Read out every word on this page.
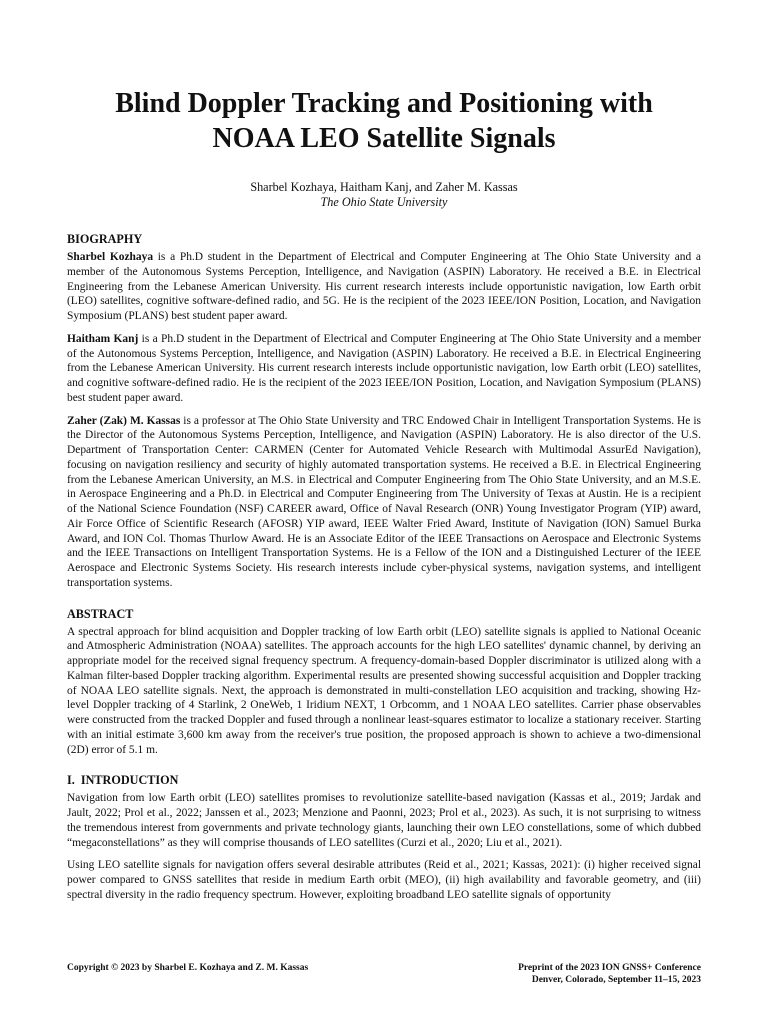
Blind Doppler Tracking and Positioning with
NOAA LEO Satellite Signals
Sharbel Kozhaya, Haitham Kanj, and Zaher M. Kassas
The Ohio State University
BIOGRAPHY

Sharbel Kozhaya is a Ph.D student in the Department of Electrical and Computer Engineering at The Ohio State University and a member of the Autonomous Systems Perception, Intelligence, and Navigation (ASPIN) Laboratory. He received a B.E. in Electrical Engineering from the Lebanese American University. His current research interests include opportunistic navigation, low Earth orbit (LEO) satellites, cognitive software-defined radio, and 5G. He is the recipient of the 2023 IEEE/ION Position, Location, and Navigation Symposium (PLANS) best student paper award.

Haitham Kanj is a Ph.D student in the Department of Electrical and Computer Engineering at The Ohio State University and a member of the Autonomous Systems Perception, Intelligence, and Navigation (ASPIN) Laboratory. He received a B.E. in Electrical Engineering from the Lebanese American University. His current research interests include opportunistic navigation, low Earth orbit (LEO) satellites, and cognitive software-defined radio. He is the recipient of the 2023 IEEE/ION Position, Location, and Navigation Symposium (PLANS) best student paper award.

Zaher (Zak) M. Kassas is a professor at The Ohio State University and TRC Endowed Chair in Intelligent Transportation Systems. He is the Director of the Autonomous Systems Perception, Intelligence, and Navigation (ASPIN) Laboratory. He is also director of the U.S. Department of Transportation Center: CARMEN (Center for Automated Vehicle Research with Multimodal AssurEd Navigation), focusing on navigation resiliency and security of highly automated transportation systems. He received a B.E. in Electrical Engineering from the Lebanese American University, an M.S. in Electrical and Computer Engineering from The Ohio State University, and an M.S.E. in Aerospace Engineering and a Ph.D. in Electrical and Computer Engineering from The University of Texas at Austin. He is a recipient of the National Science Foundation (NSF) CAREER award, Office of Naval Research (ONR) Young Investigator Program (YIP) award, Air Force Office of Scientific Research (AFOSR) YIP award, IEEE Walter Fried Award, Institute of Navigation (ION) Samuel Burka Award, and ION Col. Thomas Thurlow Award. He is an Associate Editor of the IEEE Transactions on Aerospace and Electronic Systems and the IEEE Transactions on Intelligent Transportation Systems. He is a Fellow of the ION and a Distinguished Lecturer of the IEEE Aerospace and Electronic Systems Society. His research interests include cyber-physical systems, navigation systems, and intelligent transportation systems.

ABSTRACT

A spectral approach for blind acquisition and Doppler tracking of low Earth orbit (LEO) satellite signals is applied to National Oceanic and Atmospheric Administration (NOAA) satellites. The approach accounts for the high LEO satellites' dynamic channel, by deriving an appropriate model for the received signal frequency spectrum. A frequency-domain-based Doppler discriminator is utilized along with a Kalman filter-based Doppler tracking algorithm. Experimental results are presented showing successful acquisition and Doppler tracking of NOAA LEO satellite signals. Next, the approach is demonstrated in multi-constellation LEO acquisition and tracking, showing Hz-level Doppler tracking of 4 Starlink, 2 OneWeb, 1 Iridium NEXT, 1 Orbcomm, and 1 NOAA LEO satellites. Carrier phase observables were constructed from the tracked Doppler and fused through a nonlinear least-squares estimator to localize a stationary receiver. Starting with an initial estimate 3,600 km away from the receiver's true position, the proposed approach is shown to achieve a two-dimensional (2D) error of 5.1 m.

I.  INTRODUCTION

Navigation from low Earth orbit (LEO) satellites promises to revolutionize satellite-based navigation (Kassas et al., 2019; Jardak and Jault, 2022; Prol et al., 2022; Janssen et al., 2023; Menzione and Paonni, 2023; Prol et al., 2023). As such, it is not surprising to witness the tremendous interest from governments and private technology giants, launching their own LEO constellations, some of which dubbed “megaconstellations” as they will comprise thousands of LEO satellites (Curzi et al., 2020; Liu et al., 2021).

Using LEO satellite signals for navigation offers several desirable attributes (Reid et al., 2021; Kassas, 2021): (i) higher received signal power compared to GNSS satellites that reside in medium Earth orbit (MEO), (ii) high availability and favorable geometry, and (iii) spectral diversity in the radio frequency spectrum. However, exploiting broadband LEO satellite signals of opportunity

Copyright © 2023 by Sharbel E. Kozhaya and Z. M. Kassas	Preprint of the 2023 ION GNSS+ Conference
Denver, Colorado, September 11–15, 2023
